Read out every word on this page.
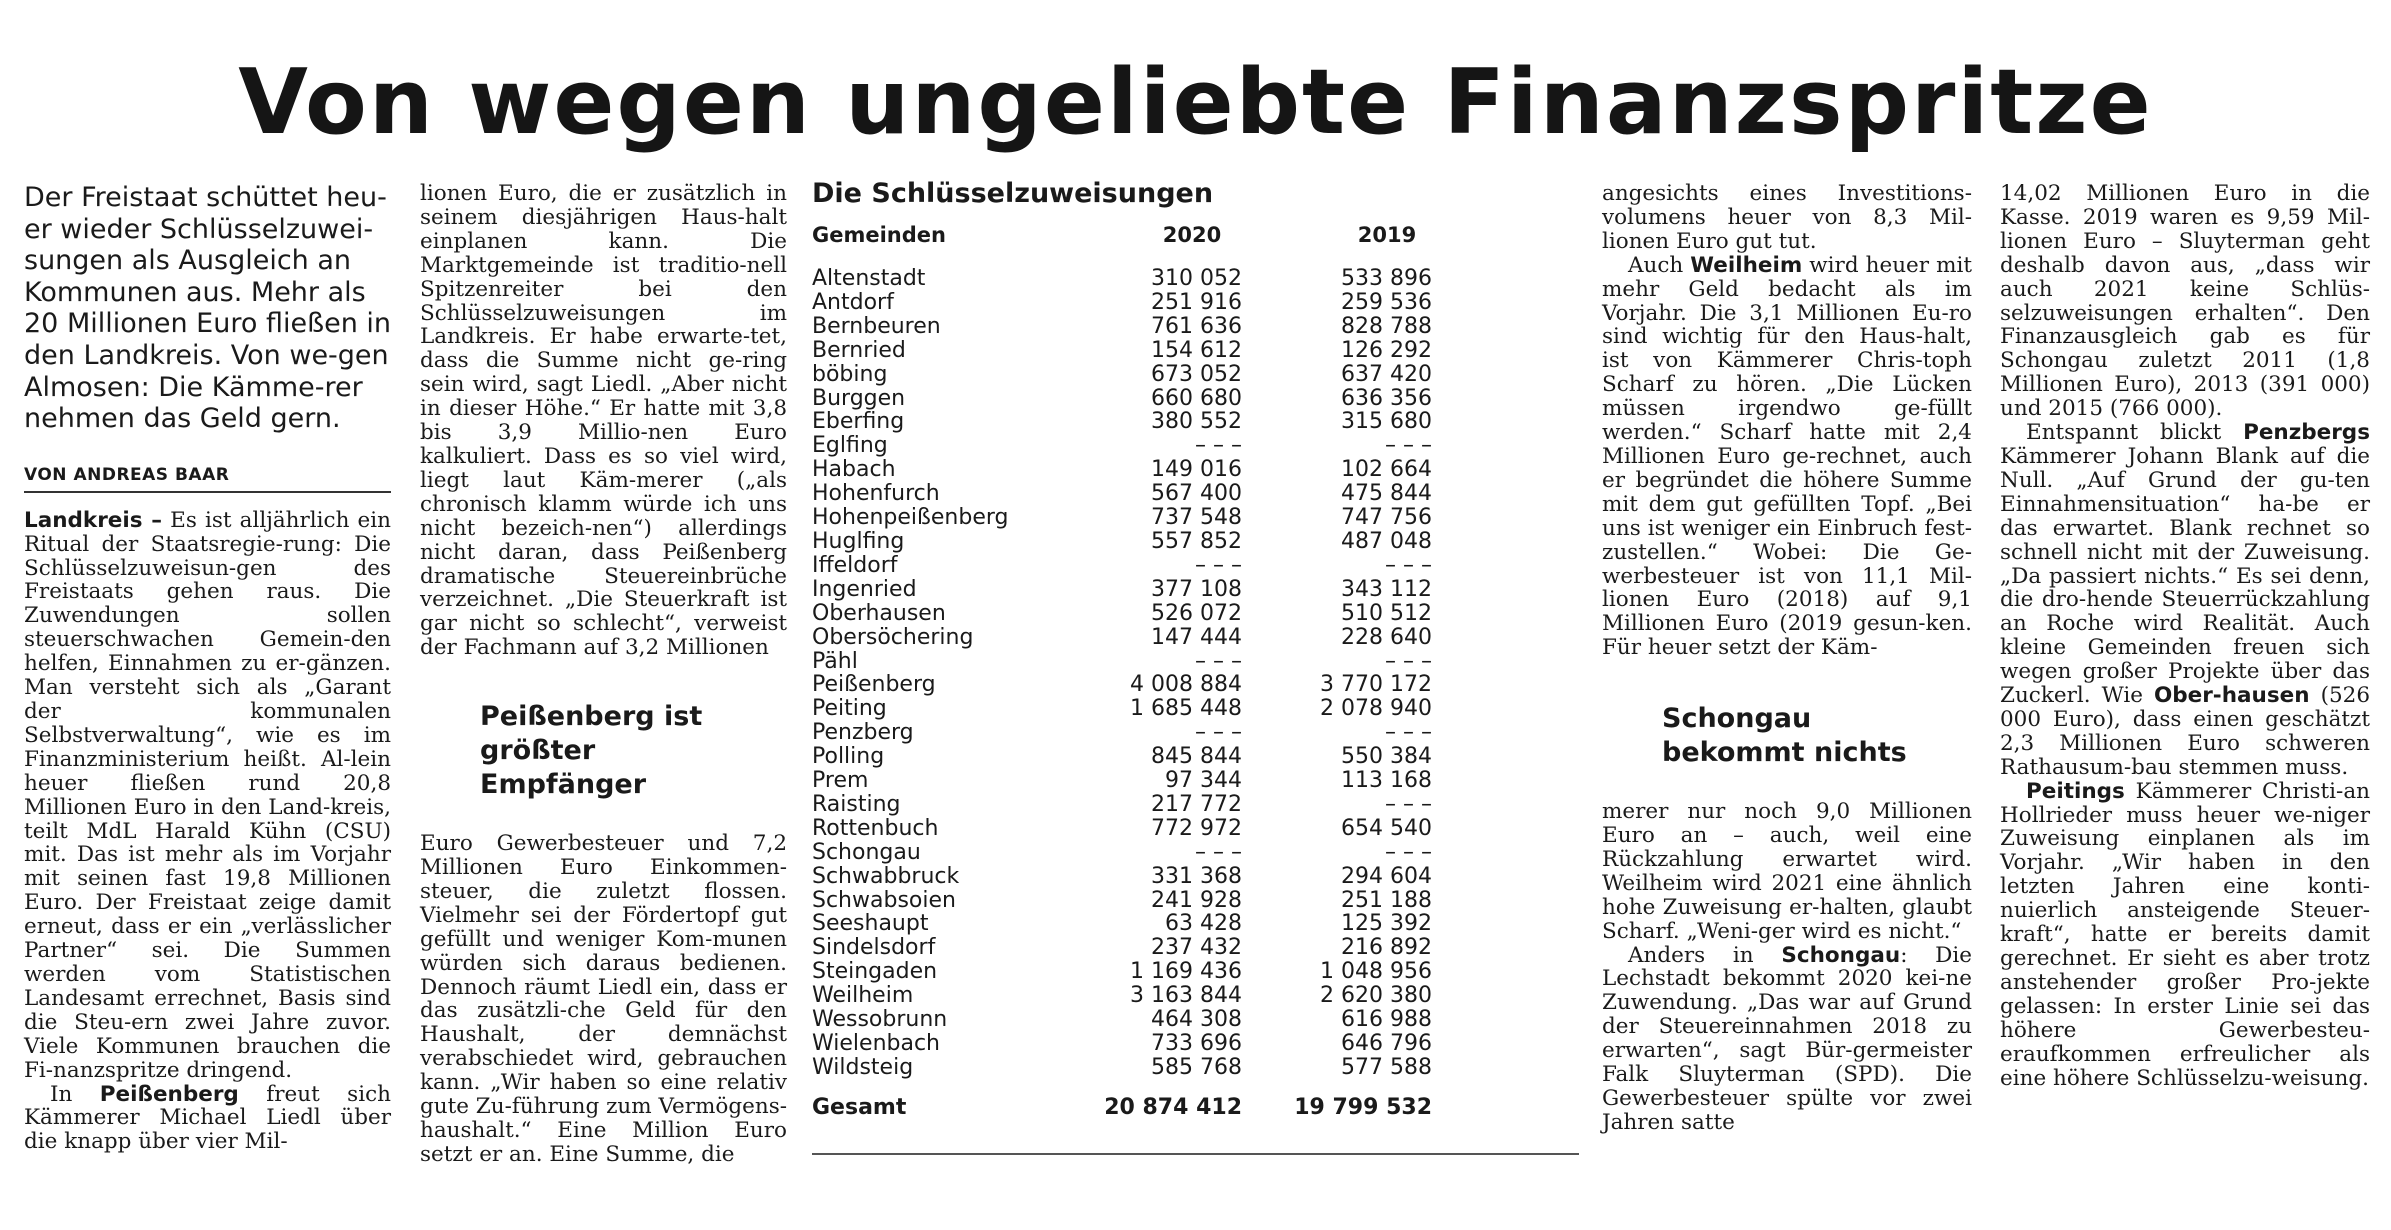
Von wegen ungeliebte Finanzspritze

Der Freistaat schüttet heu-er wieder Schlüsselzuwei-sungen als Ausgleich an Kommunen aus. Mehr als 20 Millionen Euro fließen in den Landkreis. Von we-gen Almosen: Die Kämme-rer nehmen das Geld gern.

VON ANDREAS BAAR

Landkreis – Es ist alljährlich ein Ritual der Staatsregie-rung: Die Schlüsselzuweisun-gen des Freistaats gehen raus. Die Zuwendungen sollen steuerschwachen Gemein-den helfen, Einnahmen zu er-gänzen. Man versteht sich als „Garant der kommunalen Selbstverwaltung“, wie es im Finanzministerium heißt. Al-lein heuer fließen rund 20,8 Millionen Euro in den Land-kreis, teilt MdL Harald Kühn (CSU) mit. Das ist mehr als im Vorjahr mit seinen fast 19,8 Millionen Euro. Der Freistaat zeige damit erneut, dass er ein „verlässlicher Partner“ sei. Die Summen werden vom Statistischen Landesamt errechnet, Basis sind die Steu-ern zwei Jahre zuvor. Viele Kommunen brauchen die Fi-nanzspritze dringend.

In Peißenberg freut sich Kämmerer Michael Liedl über die knapp über vier Mil-

lionen Euro, die er zusätzlich in seinem diesjährigen Haus-halt einplanen kann. Die Marktgemeinde ist traditio-nell Spitzenreiter bei den Schlüsselzuweisungen im Landkreis. Er habe erwarte-tet, dass die Summe nicht ge-ring sein wird, sagt Liedl. „Aber nicht in dieser Höhe.“ Er hatte mit 3,8 bis 3,9 Millio-nen Euro kalkuliert. Dass es so viel wird, liegt laut Käm-merer („als chronisch klamm würde ich uns nicht bezeich-nen“) allerdings nicht daran, dass Peißenberg dramatische Steuereinbrüche verzeichnet. „Die Steuerkraft ist gar nicht so schlecht“, verweist der Fachmann auf 3,2 Millionen

Peißenberg ist größter Empfänger

Euro Gewerbesteuer und 7,2 Millionen Euro Einkommen-steuer, die zuletzt flossen. Vielmehr sei der Fördertopf gut gefüllt und weniger Kom-munen würden sich daraus bedienen. Dennoch räumt Liedl ein, dass er das zusätzli-che Geld für den Haushalt, der demnächst verabschiedet wird, gebrauchen kann. „Wir haben so eine relativ gute Zu-führung zum Vermögens-haushalt.“ Eine Million Euro setzt er an. Eine Summe, die

Die Schlüsselzuweisungen

Gemeinden	2020	2019
Altenstadt	310 052	533 896
Antdorf	251 916	259 536
Bernbeuren	761 636	828 788
Bernried	154 612	126 292
böbing	673 052	637 420
Burggen	660 680	636 356
Eberfing	380 552	315 680
Eglfing	– – –	– – –
Habach	149 016	102 664
Hohenfurch	567 400	475 844
Hohenpeißenberg	737 548	747 756
Huglfing	557 852	487 048
Iffeldorf	– – –	– – –
Ingenried	377 108	343 112
Oberhausen	526 072	510 512
Obersöchering	147 444	228 640
Pähl	– – –	– – –
Peißenberg	4 008 884	3 770 172
Peiting	1 685 448	2 078 940
Penzberg	– – –	– – –
Polling	845 844	550 384
Prem	97 344	113 168
Raisting	217 772	– – –
Rottenbuch	772 972	654 540
Schongau	– – –	– – –
Schwabbruck	331 368	294 604
Schwabsoien	241 928	251 188
Seeshaupt	63 428	125 392
Sindelsdorf	237 432	216 892
Steingaden	1 169 436	1 048 956
Weilheim	3 163 844	2 620 380
Wessobrunn	464 308	616 988
Wielenbach	733 696	646 796
Wildsteig	585 768	577 588
Gesamt	20 874 412	19 799 532

angesichts eines Investitions-volumens heuer von 8,3 Mil-lionen Euro gut tut.

Auch Weilheim wird heuer mit mehr Geld bedacht als im Vorjahr. Die 3,1 Millionen Eu-ro sind wichtig für den Haus-halt, ist von Kämmerer Chris-toph Scharf zu hören. „Die Lücken müssen irgendwo ge-füllt werden.“ Scharf hatte mit 2,4 Millionen Euro ge-rechnet, auch er begründet die höhere Summe mit dem gut gefüllten Topf. „Bei uns ist weniger ein Einbruch fest-zustellen.“ Wobei: Die Ge-werbesteuer ist von 11,1 Mil-lionen Euro (2018) auf 9,1 Millionen Euro (2019 gesun-ken. Für heuer setzt der Käm-

Schongau bekommt nichts

merer nur noch 9,0 Millionen Euro an – auch, weil eine Rückzahlung erwartet wird. Weilheim wird 2021 eine ähnlich hohe Zuweisung er-halten, glaubt Scharf. „Weni-ger wird es nicht.“

Anders in Schongau: Die Lechstadt bekommt 2020 kei-ne Zuwendung. „Das war auf Grund der Steuereinnahmen 2018 zu erwarten“, sagt Bür-germeister Falk Sluyterman (SPD). Die Gewerbesteuer spülte vor zwei Jahren satte

14,02 Millionen Euro in die Kasse. 2019 waren es 9,59 Mil-lionen Euro – Sluyterman geht deshalb davon aus, „dass wir auch 2021 keine Schlüs-selzuweisungen erhalten“. Den Finanzausgleich gab es für Schongau zuletzt 2011 (1,8 Millionen Euro), 2013 (391 000) und 2015 (766 000).

Entspannt blickt Penzbergs Kämmerer Johann Blank auf die Null. „Auf Grund der gu-ten Einnahmensituation“ ha-be er das erwartet. Blank rechnet so schnell nicht mit der Zuweisung. „Da passiert nichts.“ Es sei denn, die dro-hende Steuerrückzahlung an Roche wird Realität. Auch kleine Gemeinden freuen sich wegen großer Projekte über das Zuckerl. Wie Ober-hausen (526 000 Euro), dass einen geschätzt 2,3 Millionen Euro schweren Rathausum-bau stemmen muss.

Peitings Kämmerer Christi-an Hollrieder muss heuer we-niger Zuweisung einplanen als im Vorjahr. „Wir haben in den letzten Jahren eine konti-nuierlich ansteigende Steuer-kraft“, hatte er bereits damit gerechnet. Er sieht es aber trotz anstehender großer Pro-jekte gelassen: In erster Linie sei das höhere Gewerbesteu-eraufkommen erfreulicher als eine höhere Schlüsselzu-weisung.
